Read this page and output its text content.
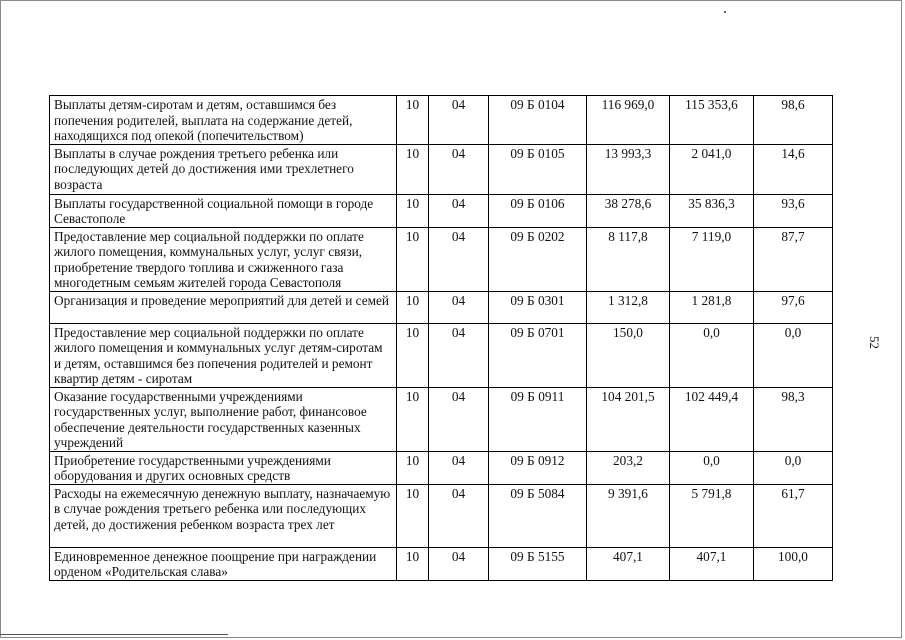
52
Выплаты детям-сиротам и детям, оставшимся без попечения родителей, выплата на содержание детей, находящихся под опекой (попечительством)	10	04	09 Б 0104	116 969,0	115 353,6	98,6
Выплаты в случае рождения третьего ребенка или последующих детей до достижения ими трехлетнего возраста	10	04	09 Б 0105	13 993,3	2 041,0	14,6
Выплаты государственной социальной помощи в городе Севастополе	10	04	09 Б 0106	38 278,6	35 836,3	93,6
Предоставление мер социальной поддержки по оплате жилого помещения, коммунальных услуг, услуг связи, приобретение твердого топлива и сжиженного газа многодетным семьям жителей города Севастополя	10	04	09 Б 0202	8 117,8	7 119,0	87,7
Организация и проведение мероприятий для детей и семей	10	04	09 Б 0301	1 312,8	1 281,8	97,6
Предоставление мер социальной поддержки по оплате жилого помещения и коммунальных услуг детям-сиротам и детям, оставшимся без попечения родителей и ремонт квартир детям - сиротам	10	04	09 Б 0701	150,0	0,0	0,0
Оказание государственными учреждениями государственных услуг, выполнение работ, финансовое обеспечение деятельности государственных казенных учреждений	10	04	09 Б 0911	104 201,5	102 449,4	98,3
Приобретение государственными учреждениями оборудования и других основных средств	10	04	09 Б 0912	203,2	0,0	0,0
Расходы на ежемесячную денежную выплату, назначаемую в случае рождения третьего ребенка или последующих детей, до достижения ребенком возраста трех лет	10	04	09 Б 5084	9 391,6	5 791,8	61,7
Единовременное денежное поощрение при награждении орденом «Родительская слава»	10	04	09 Б 5155	407,1	407,1	100,0
